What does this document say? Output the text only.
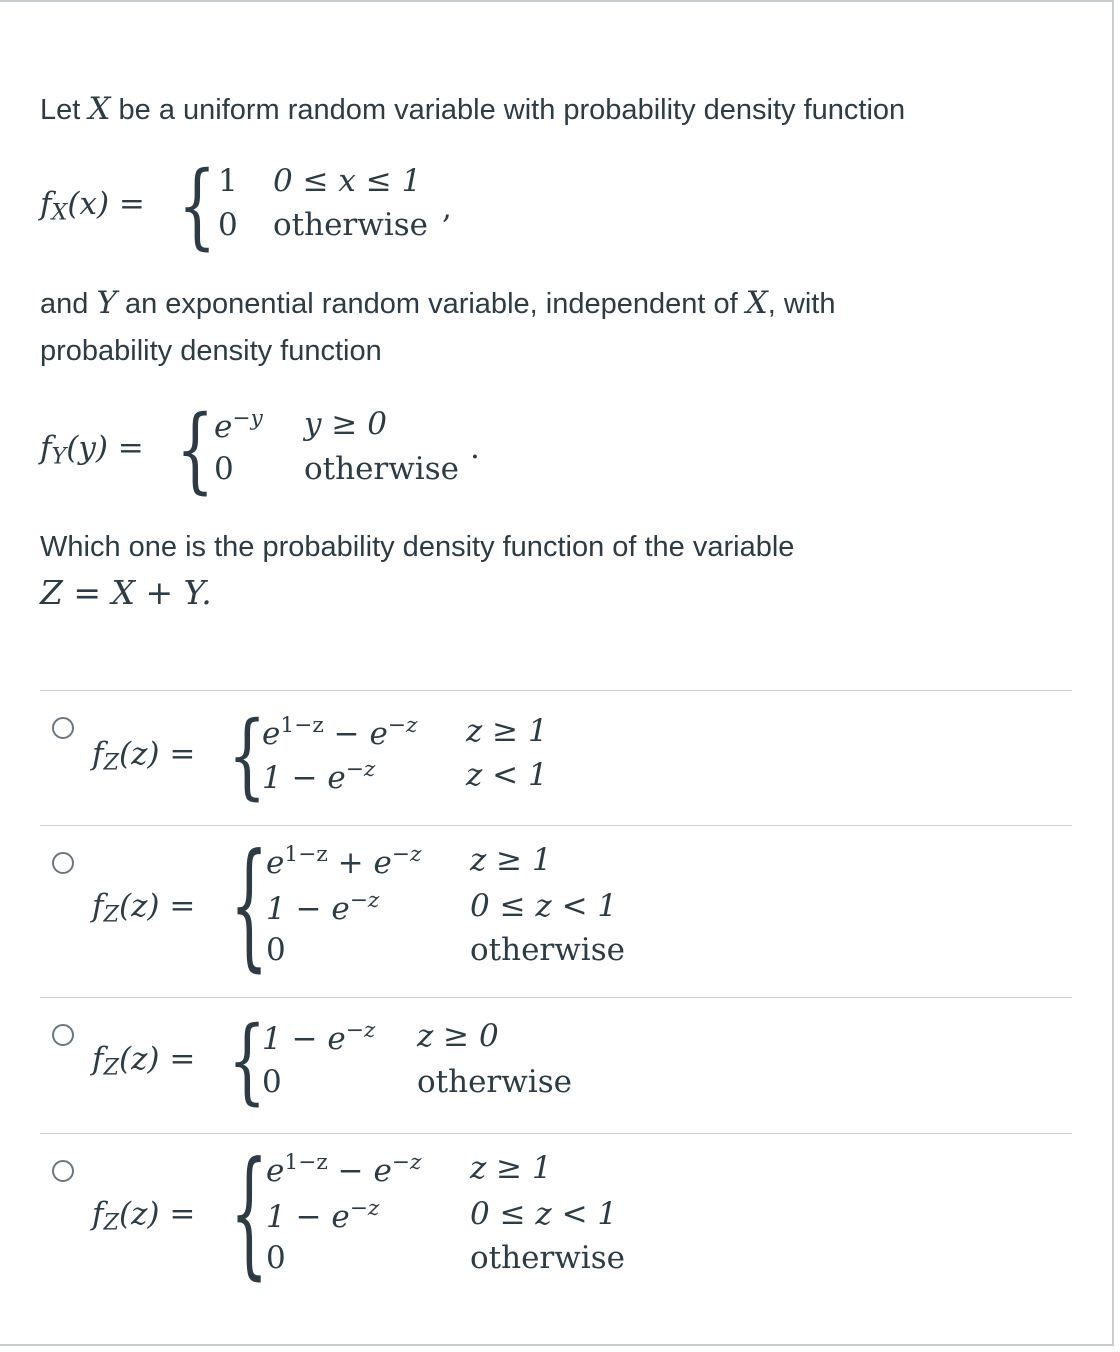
Let X be a uniform random variable with probability density function
$f_X(x)$ = { 1 0 ≤ x ≤ 1
0 otherwise ,
and Y an exponential random variable, independent of X, with
probability density function
$f_Y(y)$ = { $e^{-y}$ y ≥ 0
0 otherwise
.
Which one is the probability density function of the variable
Z = X + Y.
$f_Z(z)$ = {
$e^{1-z} - e^{-z}$ z ≥ 1
$1 - e^{-z}$	z < 1
$f_Z(z)$ = {
$e^{1-z} + e^{-z}$ z ≥ 1
$1 - e^{-z}$	0 ≤ z < 1
0	otherwise
$f_Z(z)$ = {
$1 - e^{-z}$ z ≥ 0
0	otherwise
$f_Z(z)$ = {
$e^{1-z} - e^{-z}$ z ≥ 1
$1 - e^{-z}$	0 ≤ z < 1
0	otherwise
